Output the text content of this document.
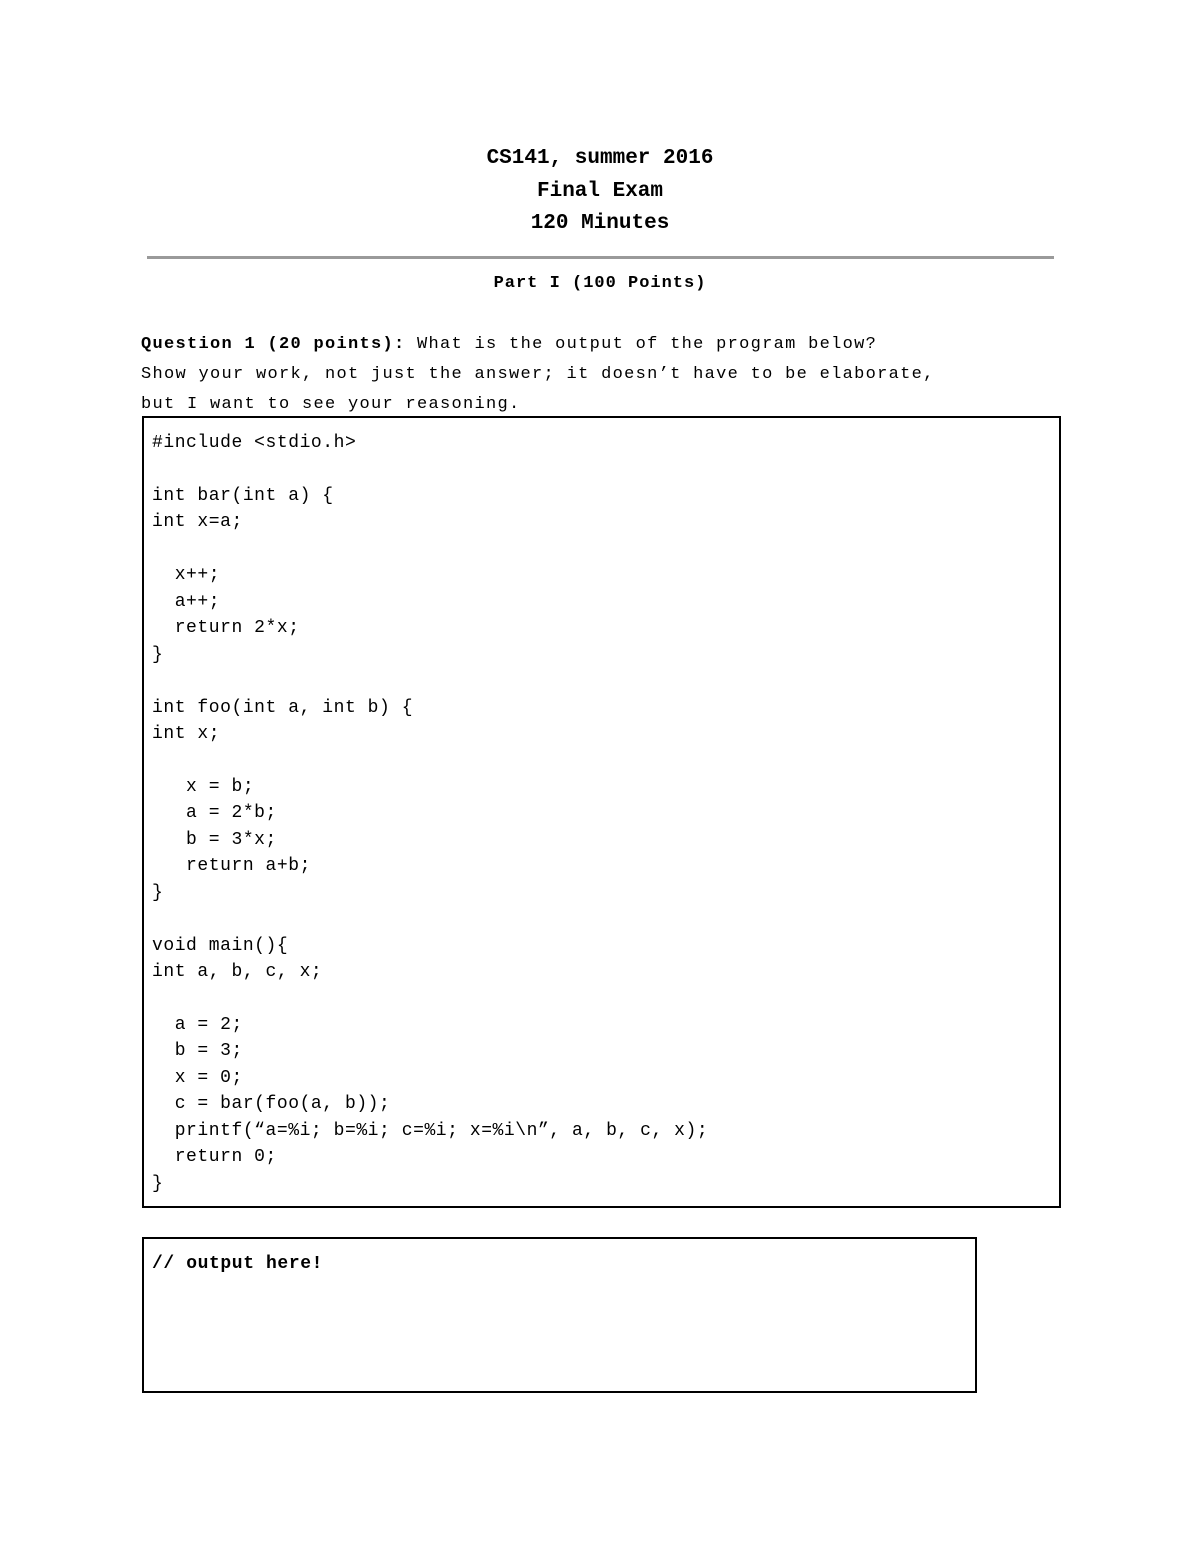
CS141, summer 2016
Final Exam
120 Minutes
Part I (100 Points)
Question 1 (20 points): What is the output of the program below?
Show your work, not just the answer; it doesn’t have to be elaborate,
but I want to see your reasoning.
#include <stdio.h>
int bar(int a) {
int x=a;
x++;
a++;
return 2*x;
}
int foo(int a, int b) {
int x;
x = b;
a = 2*b;
b = 3*x;
return a+b;
}
void main(){
int a, b, c, x;
a = 2;
b = 3;
x = 0;
c = bar(foo(a, b));
printf(“a=%i; b=%i; c=%i; x=%i\n”, a, b, c, x);
return 0;
}
// output here!
